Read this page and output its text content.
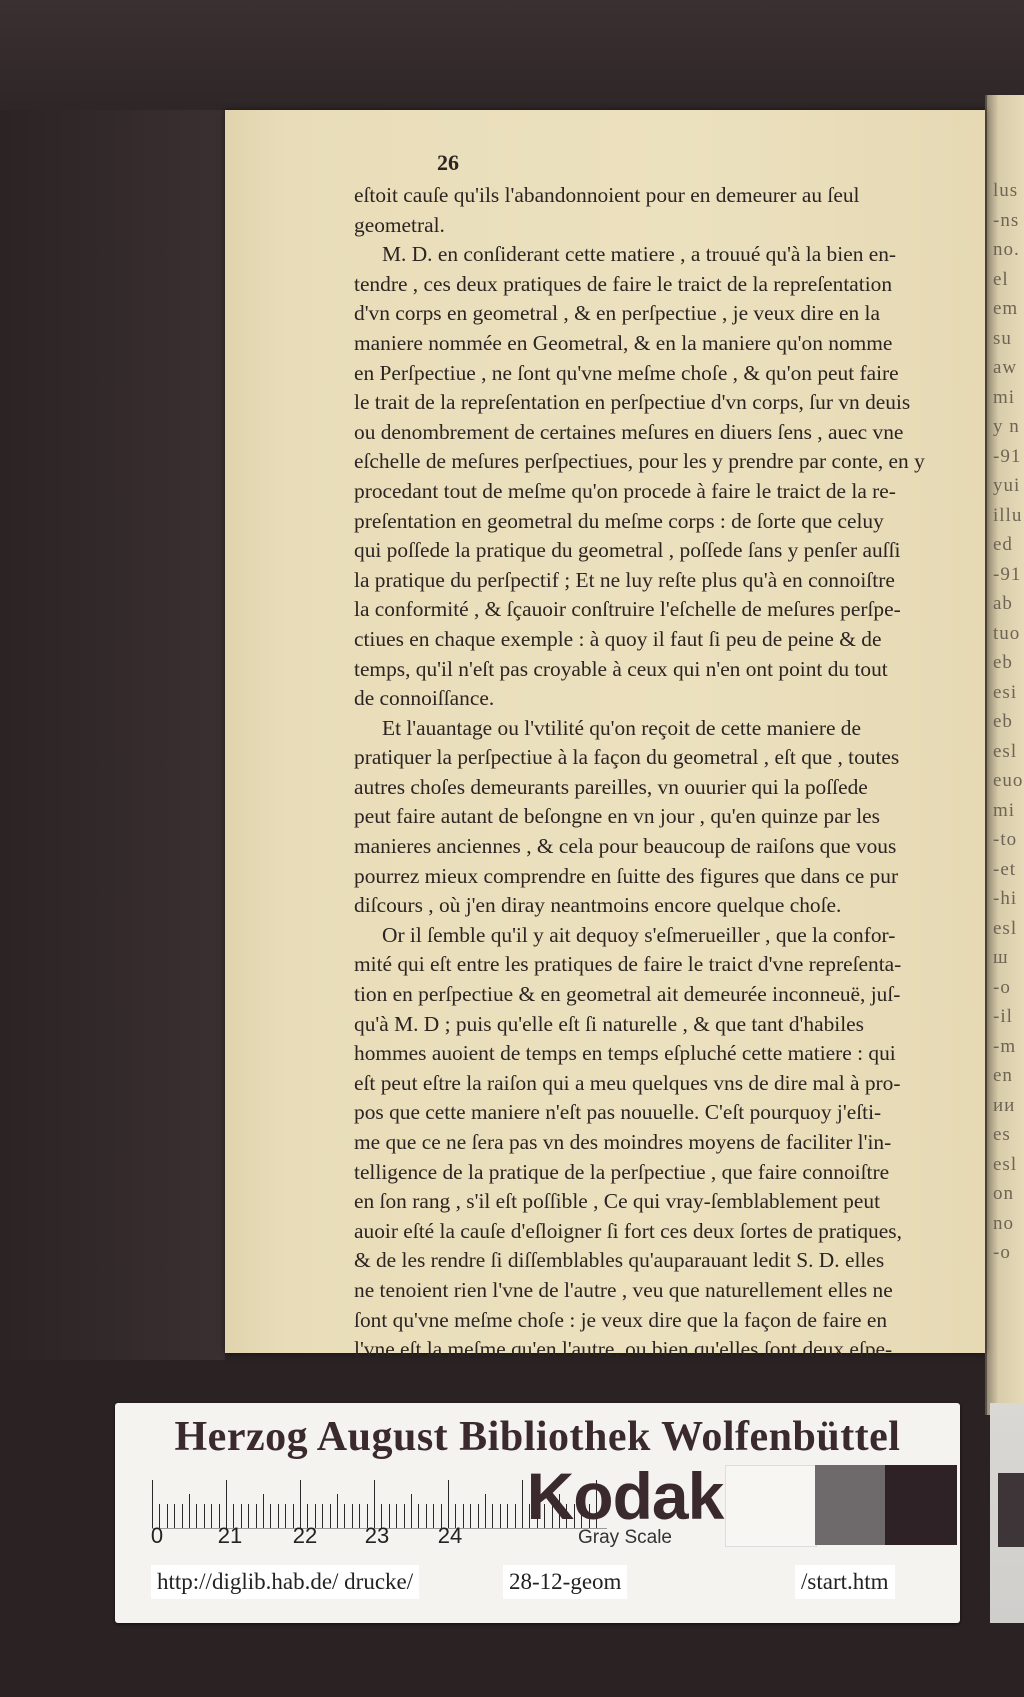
lus
-ns
no.
el
em
su
aw
mi
y n
-91
yui
illu
ed
-91
ab
tuo
eb
esi
eb
esl
euo
mi
-to
-et
-hi
esl
ш
-o
-il
-m
en
ии
es
esl
on
no
-o
26

eſtoit cauſe qu'ils l'abandonnoient pour en demeurer au ſeul
geometral.

M. D. en conſiderant cette matiere , a trouué qu'à la bien en-
tendre , ces deux pratiques de faire le traict de la repreſentation
d'vn corps en geometral , & en perſpectiue , je veux dire en la
maniere nommée en Geometral, & en la maniere qu'on nomme
en Perſpectiue , ne ſont qu'vne meſme choſe , & qu'on peut faire
le trait de la repreſentation en perſpectiue d'vn corps, ſur vn deuis
ou denombrement de certaines meſures en diuers ſens , auec vne
eſchelle de meſures perſpectiues, pour les y prendre par conte, en y
procedant tout de meſme qu'on procede à faire le traict de la re-
preſentation en geometral du meſme corps : de ſorte que celuy
qui poſſede la pratique du geometral , poſſede ſans y penſer auſſi
la pratique du perſpectif ; Et ne luy reſte plus qu'à en connoiſtre
la conformité , & ſçauoir conſtruire l'eſchelle de meſures perſpe-
ctiues en chaque exemple : à quoy il faut ſi peu de peine & de
temps, qu'il n'eſt pas croyable à ceux qui n'en ont point du tout
de connoiſſance.

Et l'auantage ou l'vtilité qu'on reçoit de cette maniere de
pratiquer la perſpectiue à la façon du geometral , eſt que , toutes
autres choſes demeurants pareilles, vn ouurier qui la poſſede
peut faire autant de beſongne en vn jour , qu'en quinze par les
manieres anciennes , & cela pour beaucoup de raiſons que vous
pourrez mieux comprendre en ſuitte des figures que dans ce pur
diſcours , où j'en diray neantmoins encore quelque choſe.

Or il ſemble qu'il y ait dequoy s'eſmerueiller , que la confor-
mité qui eſt entre les pratiques de faire le traict d'vne repreſenta-
tion en perſpectiue & en geometral ait demeurée inconneuë, juſ-
qu'à M. D ; puis qu'elle eſt ſi naturelle , & que tant d'habiles
hommes auoient de temps en temps eſpluché cette matiere : qui
eſt peut eſtre la raiſon qui a meu quelques vns de dire mal à pro-
pos que cette maniere n'eſt pas nouuelle. C'eſt pourquoy j'eſti-
me que ce ne ſera pas vn des moindres moyens de faciliter l'in-
telligence de la pratique de la perſpectiue , que faire connoiſtre
en ſon rang , s'il eſt poſſible , Ce qui vray-ſemblablement peut
auoir eſté la cauſe d'eſloigner ſi fort ces deux ſortes de pratiques,
& de les rendre ſi diſſemblables qu'auparauant ledit S. D. elles
ne tenoient rien l'vne de l'autre , veu que naturellement elles ne
ſont qu'vne meſme choſe : je veux dire que la façon de faire en
l'vne eſt la meſme qu'en l'autre, ou bien qu'elles ſont deux eſpe-
ces d'vn genre ou deux cas d'vne propoſition de geometrie.

Herzog August Bibliothek Wolfenbüttel
0	21	22	23	24
Kodak
Gray Scale
http://diglib.hab.de/ drucke/	28-12-geom	/start.htm
